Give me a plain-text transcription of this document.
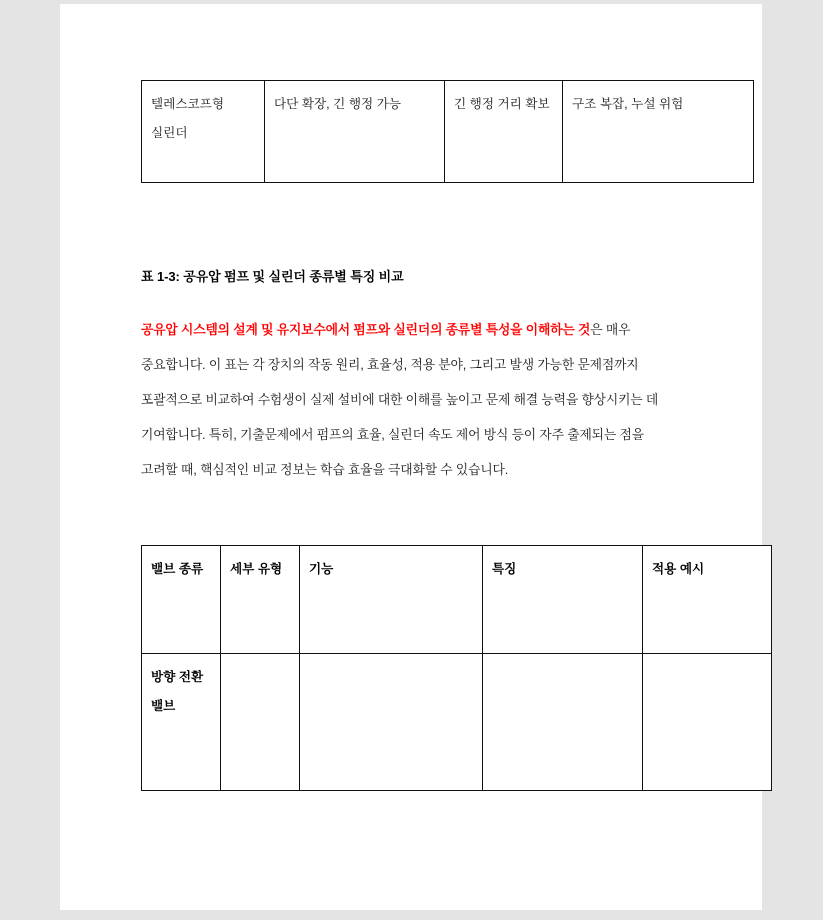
텔레스코프형 실린더	다단 확장, 긴 행정 가능	긴 행정 거리 확보	구조 복잡, 누설 위험

표 1-3: 공유압 펌프 및 실린더 종류별 특징 비교

공유압 시스템의 설계 및 유지보수에서 펌프와 실린더의 종류별 특성을 이해하는 것은 매우 중요합니다. 이 표는 각 장치의 작동 원리, 효율성, 적용 분야, 그리고 발생 가능한 문제점까지 포괄적으로 비교하여 수험생이 실제 설비에 대한 이해를 높이고 문제 해결 능력을 향상시키는 데 기여합니다. 특히, 기출문제에서 펌프의 효율, 실린더 속도 제어 방식 등이 자주 출제되는 점을 고려할 때, 핵심적인 비교 정보는 학습 효율을 극대화할 수 있습니다.

밸브 종류	세부 유형	기능	특징	적용 예시
방향 전환 밸브				
